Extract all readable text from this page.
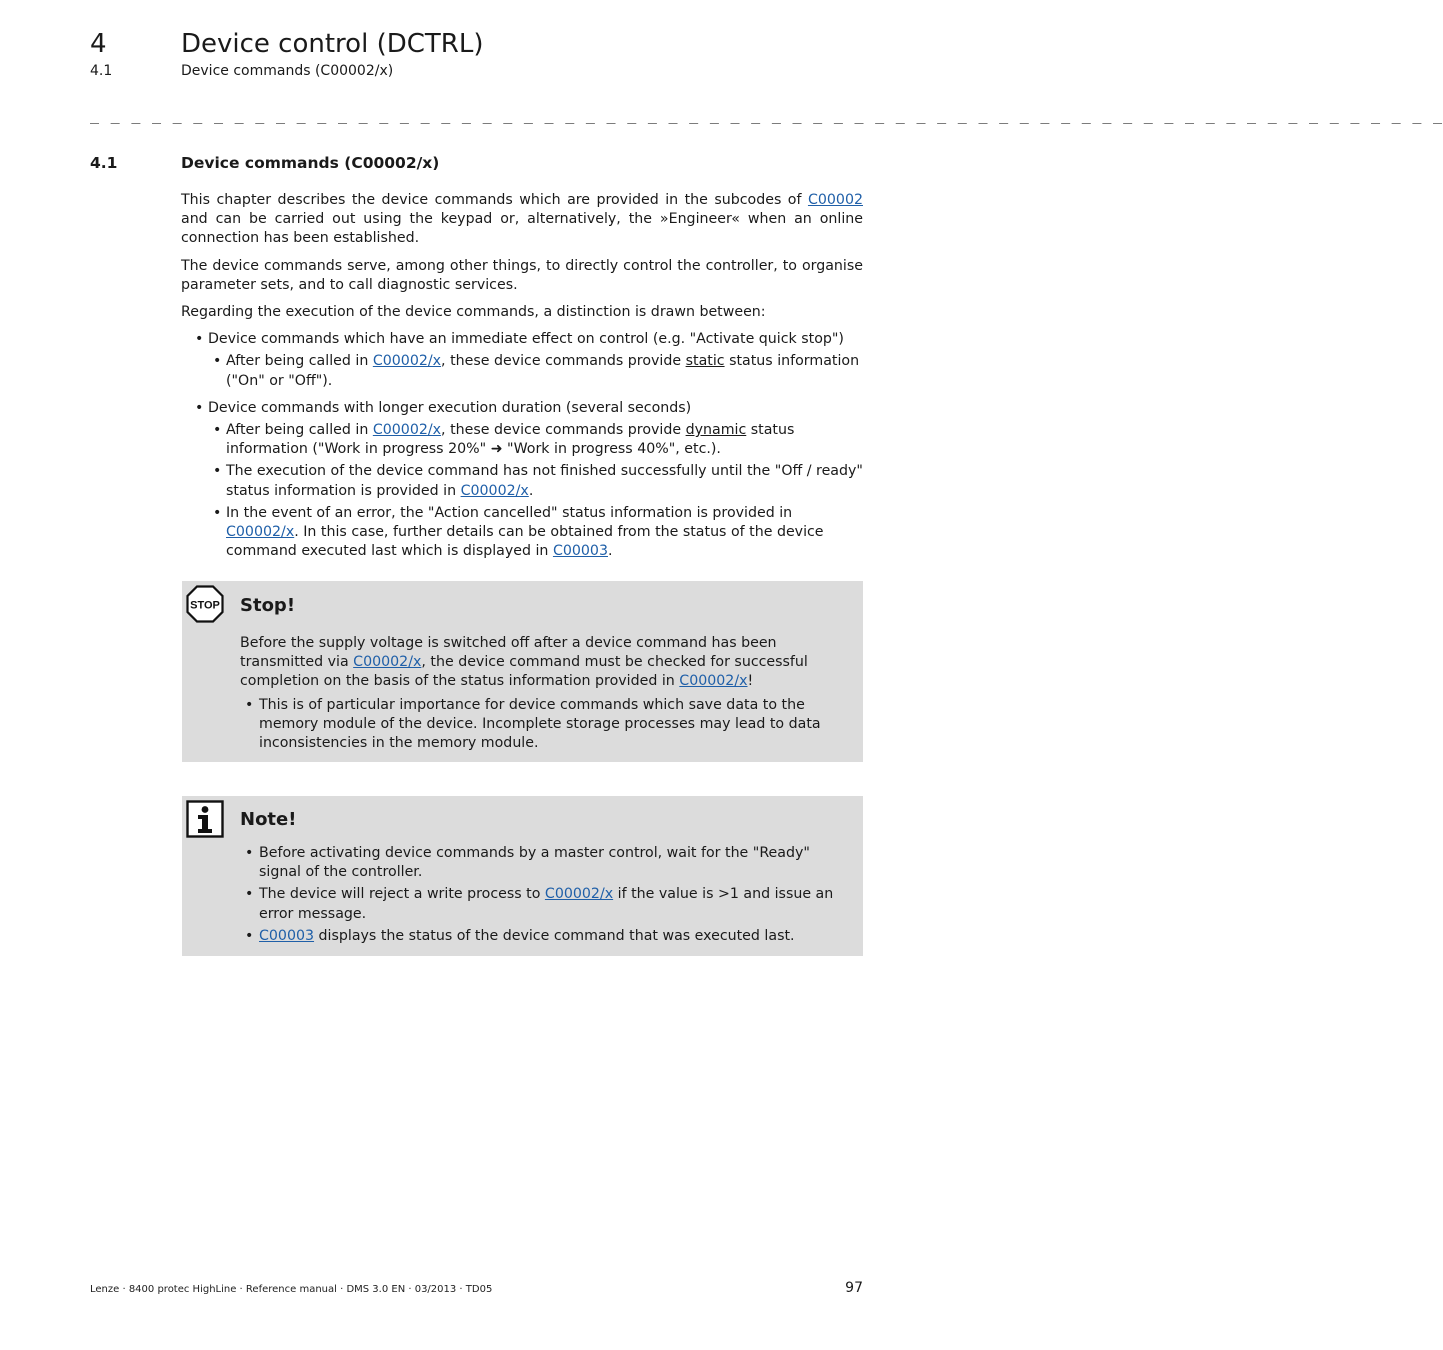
4	Device control (DCTRL)
4.1	Device commands (C00002/x)
_ _ _ _ _ _ _ _ _ _ _ _ _ _ _ _ _ _ _ _ _ _ _ _ _ _ _ _ _ _ _ _ _ _ _ _ _ _ _ _ _ _ _ _ _ _ _ _ _ _ _ _ _ _ _ _ _ _ _ _ _ _ _ _ _ _
4.1	Device commands (C00002/x)

This chapter describes the device commands which are provided in the subcodes of C00002 and can be carried out using the keypad or, alternatively, the »Engineer« when an online connection has been established.

The device commands serve, among other things, to directly control the controller, to organise parameter sets, and to call diagnostic services.

Regarding the execution of the device commands, a distinction is drawn between:

• Device commands which have an immediate effect on control (e.g. "Activate quick stop")
• After being called in C00002/x, these device commands provide static status information ("On" or "Off").
• Device commands with longer execution duration (several seconds)
• After being called in C00002/x, these device commands provide dynamic status information ("Work in progress 20%" ➜ "Work in progress 40%", etc.).
• The execution of the device command has not finished successfully until the "Off / ready" status information is provided in C00002/x.
• In the event of an error, the "Action cancelled" status information is provided in C00002/x. In this case, further details can be obtained from the status of the device command executed last which is displayed in C00003.
STOP Stop!

Before the supply voltage is switched off after a device command has been transmitted via C00002/x, the device command must be checked for successful completion on the basis of the status information provided in C00002/x!

• This is of particular importance for device commands which save data to the memory module of the device. Incomplete storage processes may lead to data inconsistencies in the memory module.
Note!
• Before activating device commands by a master control, wait for the "Ready" signal of the controller.
• The device will reject a write process to C00002/x if the value is >1 and issue an error message.
• C00003 displays the status of the device command that was executed last.
Lenze · 8400 protec HighLine · Reference manual · DMS 3.0 EN · 03/2013 · TD05	97
